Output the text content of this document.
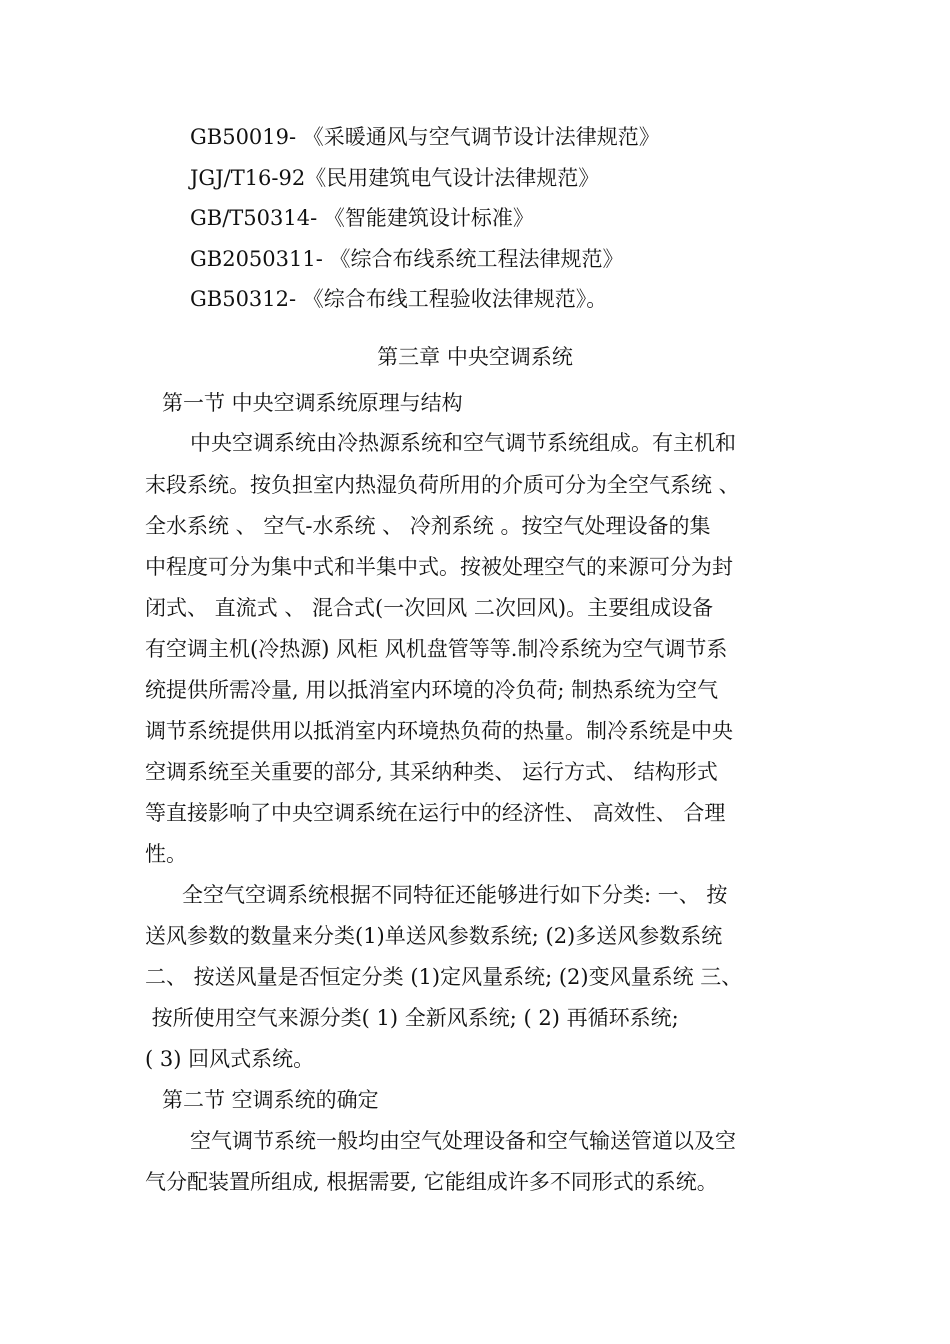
GB50019- 《采暖通风与空气调节设计法律规范》
JGJ/T16-92《民用建筑电气设计法律规范》
GB/T50314- 《智能建筑设计标准》
GB2050311- 《综合布线系统工程法律规范》
GB50312- 《综合布线工程验收法律规范》。
第三章 中央空调系统
第一节 中央空调系统原理与结构
中央空调系统由冷热源系统和空气调节系统组成。有主机和
末段系统。按负担室内热湿负荷所用的介质可分为全空气系统 、
全水系统 、 空气-水系统 、 冷剂系统 。按空气处理设备的集
中程度可分为集中式和半集中式。按被处理空气的来源可分为封
闭式、 直流式 、 混合式(一次回风 二次回风)。主要组成设备
有空调主机(冷热源) 风柜 风机盘管等等.制冷系统为空气调节系
统提供所需冷量, 用以抵消室内环境的冷负荷; 制热系统为空气
调节系统提供用以抵消室内环境热负荷的热量。制冷系统是中央
空调系统至关重要的部分, 其采纳种类、 运行方式、 结构形式
等直接影响了中央空调系统在运行中的经济性、 高效性、 合理
性。
全空气空调系统根据不同特征还能够进行如下分类: 一、 按
送风参数的数量来分类(1)单送风参数系统; (2)多送风参数系统
二、 按送风量是否恒定分类 (1)定风量系统; (2)变风量系统 三、
按所使用空气来源分类( 1) 全新风系统; ( 2) 再循环系统;
( 3) 回风式系统。
第二节 空调系统的确定
空气调节系统一般均由空气处理设备和空气输送管道以及空
气分配装置所组成, 根据需要, 它能组成许多不同形式的系统。
